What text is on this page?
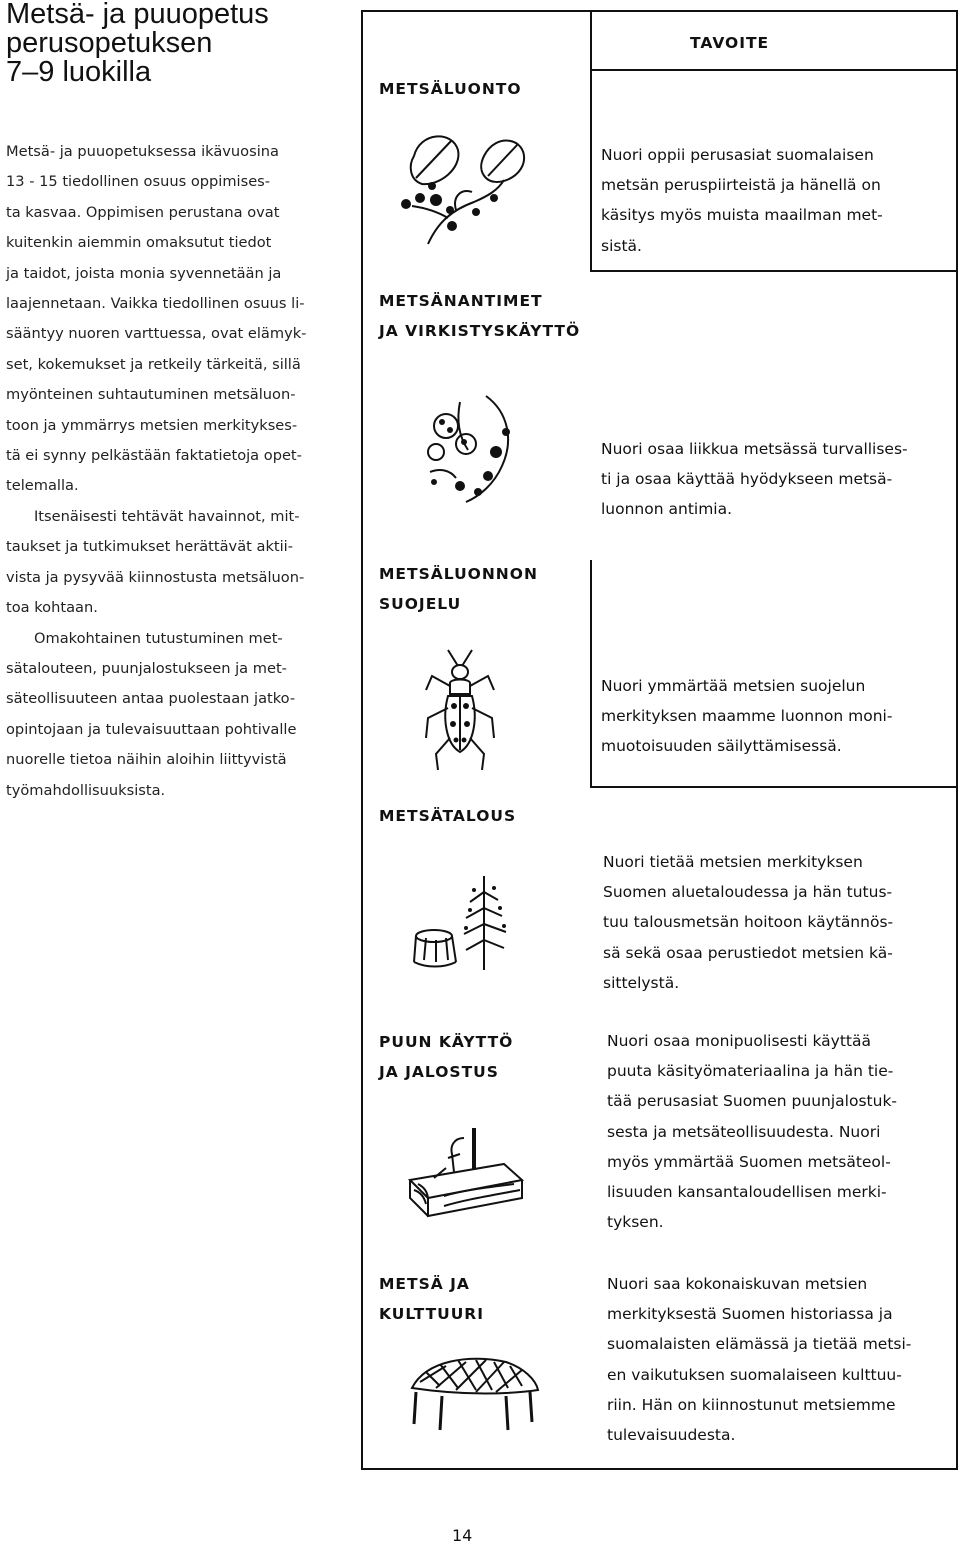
Metsä- ja puuopetus
perusopetuksen
7–9 luokilla

Metsä- ja puuopetuksessa ikävuosina
13 - 15 tiedollinen osuus oppimises-
ta kasvaa. Oppimisen perustana ovat
kuitenkin aiemmin omaksutut tiedot
ja taidot, joista monia syvennetään ja
laajennetaan. Vaikka tiedollinen osuus li-
sääntyy nuoren varttuessa, ovat elämyk-
set, kokemukset ja retkeily tärkeitä, sillä
myönteinen suhtautuminen metsäluon-
toon ja ymmärrys metsien merkitykses-
tä ei synny pelkästään faktatietoja opet-
telemalla.

Itsenäisesti tehtävät havainnot, mit-
taukset ja tutkimukset herättävät aktii-
vista ja pysyvää kiinnostusta metsäluon-
toa kohtaan.

Omakohtainen tutustuminen met-
sätalouteen, puunjalostukseen ja met-
säteollisuuteen antaa puolestaan jatko-
opintojaan ja tulevaisuuttaan pohtivalle
nuorelle tietoa näihin aloihin liittyvistä
työmahdollisuuksista.

TAVOITE
METSÄLUONTO
METSÄNANTIMET
JA VIRKISTYSKÄYTTÖ
METSÄLUONNON
SUOJELU
METSÄTALOUS
PUUN KÄYTTÖ
JA JALOSTUS
METSÄ JA
KULTTUURI
Nuori oppii perusasiat suomalaisen
metsän peruspiirteistä ja hänellä on
käsitys myös muista maailman met-
sistä.
Nuori osaa liikkua metsässä turvallises-
ti ja osaa käyttää hyödykseen metsä-
luonnon antimia.
Nuori ymmärtää metsien suojelun
merkityksen maamme luonnon moni-
muotoisuuden säilyttämisessä.
Nuori tietää metsien merkityksen
Suomen aluetaloudessa ja hän tutus-
tuu talousmetsän hoitoon käytännös-
sä sekä osaa perustiedot metsien kä-
sittelystä.
Nuori osaa monipuolisesti käyttää
puuta käsityömateriaalina ja hän tie-
tää perusasiat Suomen puunjalostuk-
sesta ja metsäteollisuudesta. Nuori
myös ymmärtää Suomen metsäteol-
lisuuden kansantaloudellisen merki-
tyksen.
Nuori saa kokonaiskuvan metsien
merkityksestä Suomen historiassa ja
suomalaisten elämässä ja tietää metsi-
en vaikutuksen suomalaiseen kulttuu-
riin. Hän on kiinnostunut metsiemme
tulevaisuudesta.
14
